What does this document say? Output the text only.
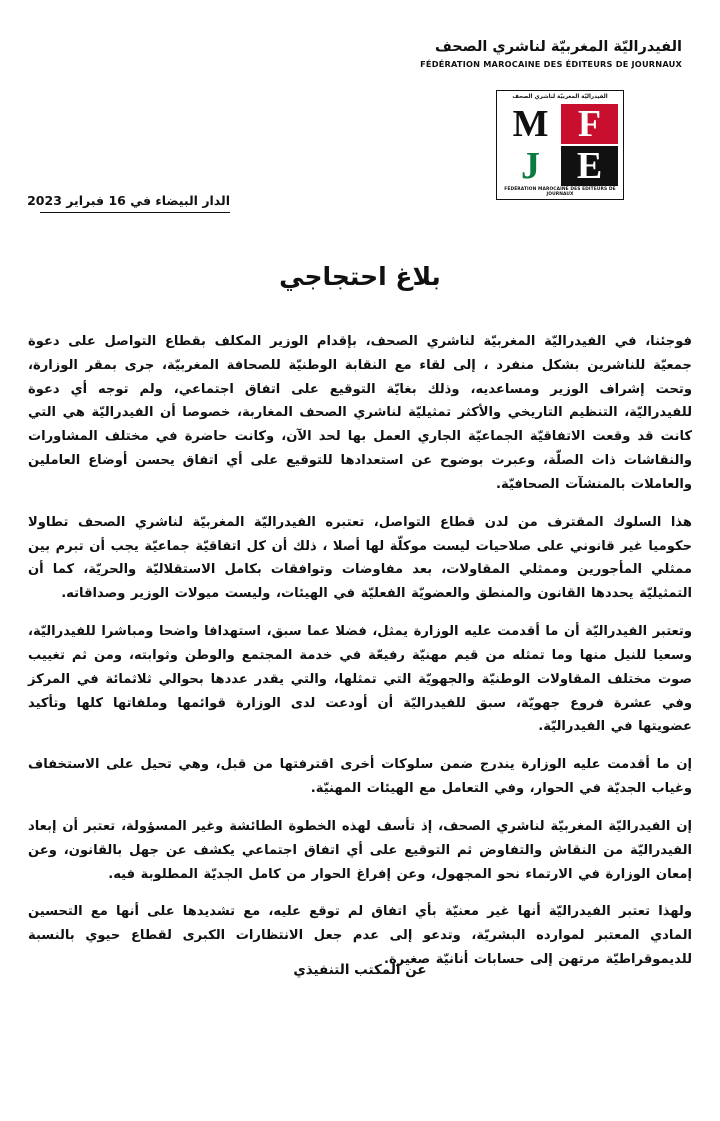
الفيدراليّة المغربيّة لناشري الصحف
FÉDÉRATION MAROCAINE DES ÉDITEURS DE JOURNAUX
الفيدراليّة المغربيّة لناشري الصحف
F
M
E
J
FÉDÉRATION MAROCAINE DES EDITEURS DE JOURNAUX
الدار البيضاء في 16 فبراير 2023
بلاغ احتجاجي

فوجئنا، في الفيدراليّة المغربيّة لناشري الصحف، بإقدام الوزير المكلف بقطاع التواصل على دعوة جمعيّة للناشرين بشكل منفرد ، إلى لقاء مع النقابة الوطنيّة للصحافة المغربيّة، جرى بمقر الوزارة، وتحت إشراف الوزير ومساعديه، وذلك بغايّة التوقيع على اتفاق اجتماعي، ولم توجه أي دعوة للفيدراليّة، التنظيم التاريخي والأكثر تمثيليّة لناشري الصحف المغاربة، خصوصا أن الفيدراليّة هي التي كانت قد وقعت الاتفاقيّة الجماعيّة الجاري العمل بها لحد الآن، وكانت حاضرة في مختلف المشاورات والنقاشات ذات الصلّة، وعبرت بوضوح عن استعدادها للتوقيع على أي اتفاق يحسن أوضاع العاملين والعاملات بالمنشآت الصحافيّة.

هذا السلوك المقترف من لدن قطاع التواصل، تعتبره الفيدراليّة المغربيّة لناشري الصحف تطاولا حكوميا غير قانوني على صلاحيات ليست موكلّة لها أصلا ، ذلك أن كل اتفاقيّة جماعيّة يجب أن تبرم بين ممثلي المأجورين وممثلي المقاولات، بعد مفاوضات وتوافقات بكامل الاستقلاليّة والحريّة، كما أن التمثيليّة يحددها القانون والمنطق والعضويّة الفعليّة في الهيئات، وليست ميولات الوزير وصداقاته.

وتعتبر الفيدراليّة أن ما أقدمت عليه الوزارة يمثل، فضلا عما سبق، استهدافا واضحا ومباشرا للفيدراليّة، وسعيا للنيل منها وما تمثله من قيم مهنيّة رفيعّة في خدمة المجتمع والوطن وثوابته، ومن ثم تغييب صوت مختلف المقاولات الوطنيّة والجهويّة التي تمثلها، والتي يقدر عددها بحوالي ثلاثمائة في المركز وفي عشرة فروع جهويّة، سبق للفيدراليّة أن أودعت لدى الوزارة قوائمها وملفاتها كلها وتأكيد عضويتها في الفيدراليّة.

إن ما أقدمت عليه الوزارة يندرج ضمن سلوكات أخرى اقترفتها من قبل، وهي تحيل على الاستخفاف وغياب الجديّة في الحوار، وفي التعامل مع الهيئات المهنيّة.

إن الفيدراليّة المغربيّة لناشري الصحف، إذ تأسف لهذه الخطوة الطائشة وغير المسؤولة، تعتبر أن إبعاد الفيدراليّة من النقاش والتفاوض ثم التوقيع على أي اتفاق اجتماعي يكشف عن جهل بالقانون، وعن إمعان الوزارة في الارتماء نحو المجهول، وعن إفراغ الحوار من كامل الجديّة المطلوبة فيه.

ولهذا تعتبر الفيدراليّة أنها غير معنيّة بأي اتفاق لم توقع عليه، مع تشديدها على أنها مع التحسين المادي المعتبر لموارده البشريّة، وتدعو إلى عدم جعل الانتظارات الكبرى لقطاع حيوي بالنسبة للديموقراطيّة مرتهن إلى حسابات أنانيّة صغيرة.

عن المكتب التنفيذي
